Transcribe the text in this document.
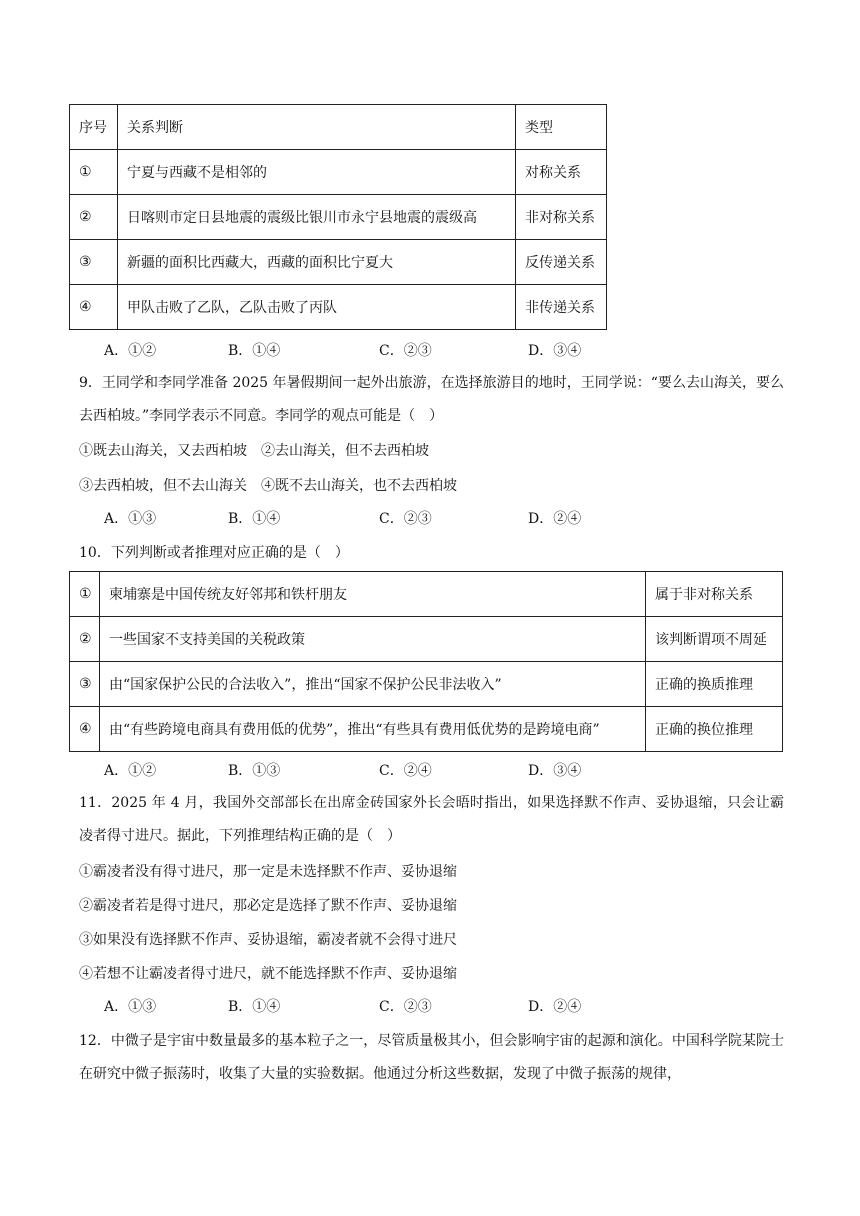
序号	关系判断	类型
①	宁夏与西藏不是相邻的	对称关系
②	日喀则市定日县地震的震级比银川市永宁县地震的震级高	非对称关系
③	新疆的面积比西藏大，西藏的面积比宁夏大	反传递关系
④	甲队击败了乙队，乙队击败了丙队	非传递关系
A．①②	B．①④	C．②③	D．③④
9．王同学和李同学准备 2025 年暑假期间一起外出旅游，在选择旅游目的地时，王同学说：“要么去山海关，要么去西柏坡。”李同学表示不同意。李同学的观点可能是（　）
①既去山海关，又去西柏坡　②去山海关，但不去西柏坡
③去西柏坡，但不去山海关　④既不去山海关，也不去西柏坡
A．①③	B．①④	C．②③	D．②④
10．下列判断或者推理对应正确的是（　）
①	柬埔寨是中国传统友好邻邦和铁杆朋友	属于非对称关系
②	一些国家不支持美国的关税政策	该判断谓项不周延
③	由“国家保护公民的合法收入”，推出“国家不保护公民非法收入”	正确的换质推理
④	由“有些跨境电商具有费用低的优势”，推出“有些具有费用低优势的是跨境电商”	正确的换位推理
A．①②	B．①③	C．②④	D．③④
11．2025 年 4 月，我国外交部部长在出席金砖国家外长会晤时指出，如果选择默不作声、妥协退缩，只会让霸凌者得寸进尺。据此，下列推理结构正确的是（　）
①霸凌者没有得寸进尺，那一定是未选择默不作声、妥协退缩
②霸凌者若是得寸进尺，那必定是选择了默不作声、妥协退缩
③如果没有选择默不作声、妥协退缩，霸凌者就不会得寸进尺
④若想不让霸凌者得寸进尺，就不能选择默不作声、妥协退缩
A．①③	B．①④	C．②③	D．②④
12．中微子是宇宙中数量最多的基本粒子之一，尽管质量极其小，但会影响宇宙的起源和演化。中国科学院某院士在研究中微子振荡时，收集了大量的实验数据。他通过分析这些数据，发现了中微子振荡的规律，
